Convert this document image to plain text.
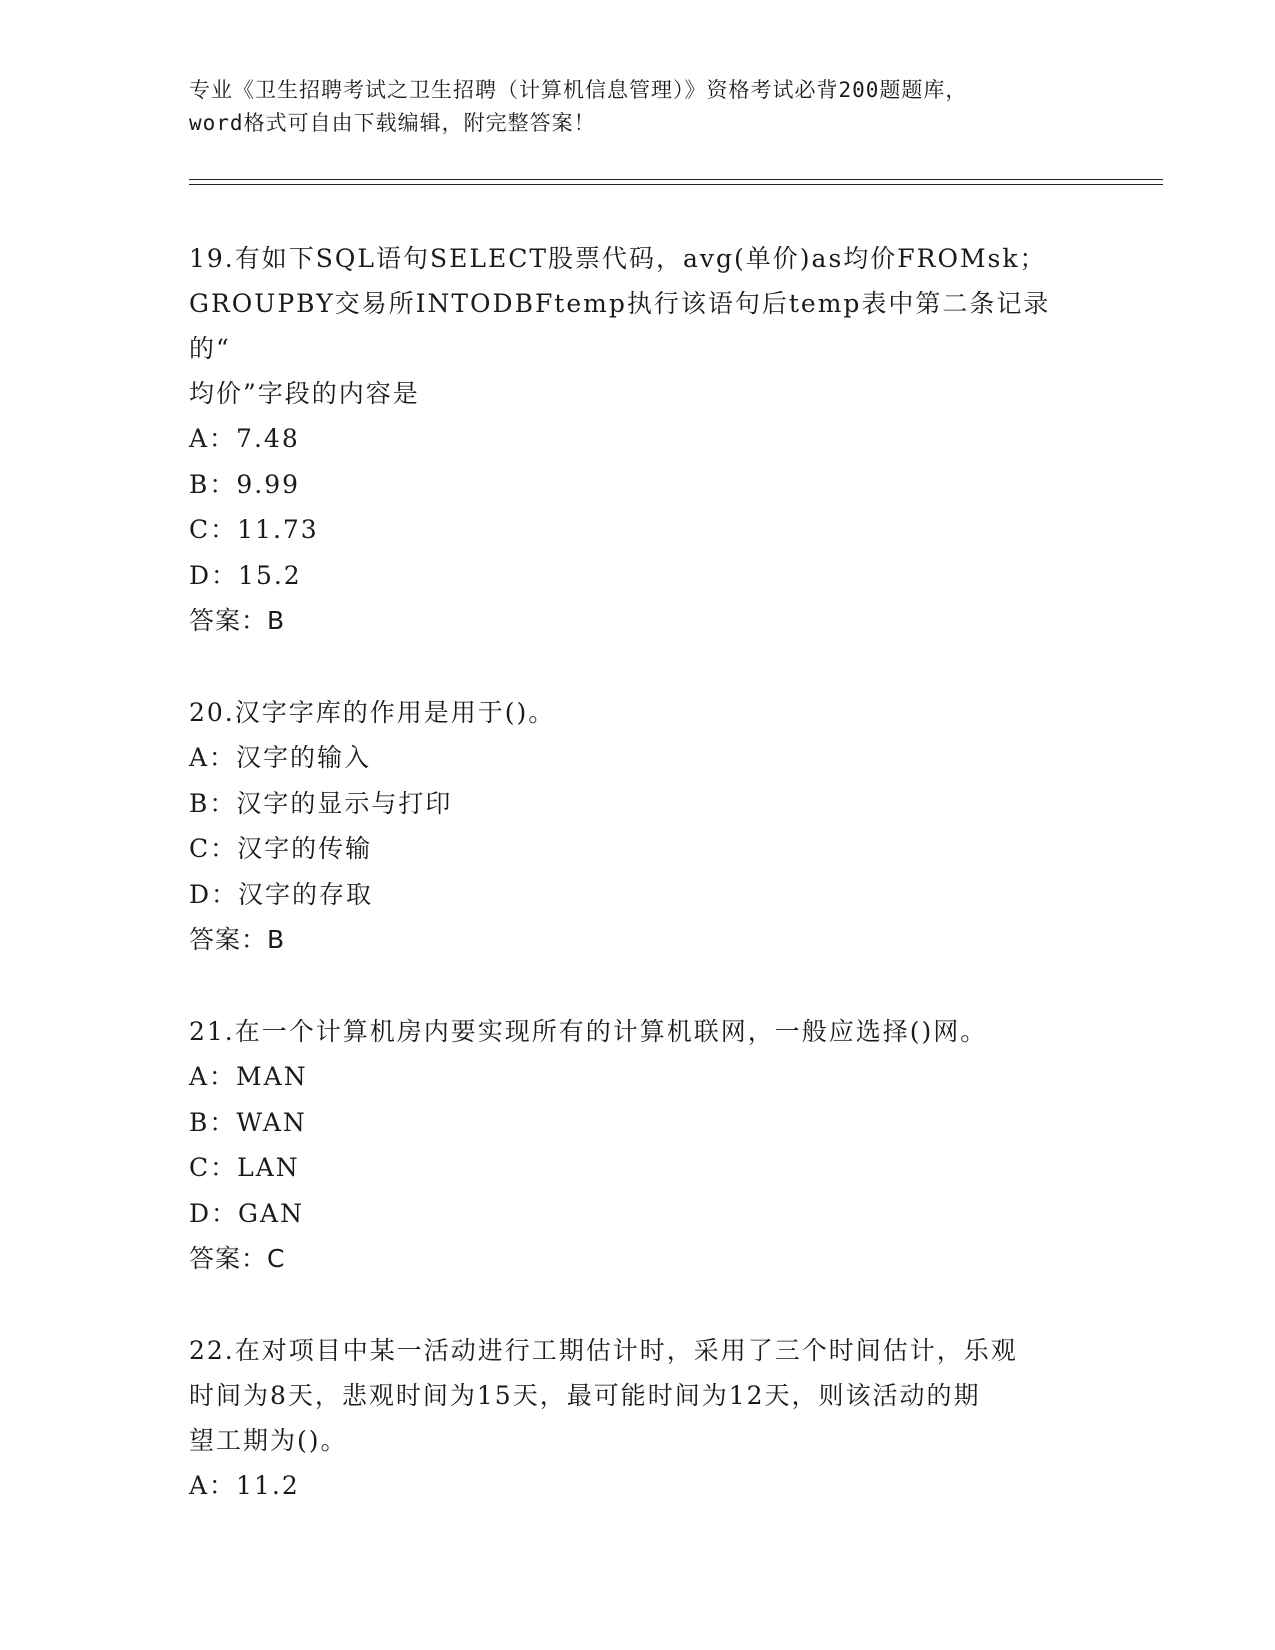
专业《卫生招聘考试之卫生招聘（计算机信息管理）》资格考试必背200题题库，
word格式可自由下载编辑，附完整答案！
19.有如下SQL语句SELECT股票代码，avg(单价)as均价FROMsk；
GROUPBY交易所INTODBFtemp执行该语句后temp表中第二条记录的“
均价”字段的内容是
A：7.48
B：9.99
C：11.73
D：15.2
答案：B
20.汉字字库的作用是用于()。
A：汉字的输入
B：汉字的显示与打印
C：汉字的传输
D：汉字的存取
答案：B
21.在一个计算机房内要实现所有的计算机联网，一般应选择()网。
A：MAN
B：WAN
C：LAN
D：GAN
答案：C
22.在对项目中某一活动进行工期估计时，采用了三个时间估计，乐观
时间为8天，悲观时间为15天，最可能时间为12天，则该活动的期
望工期为()。
A：11.2
